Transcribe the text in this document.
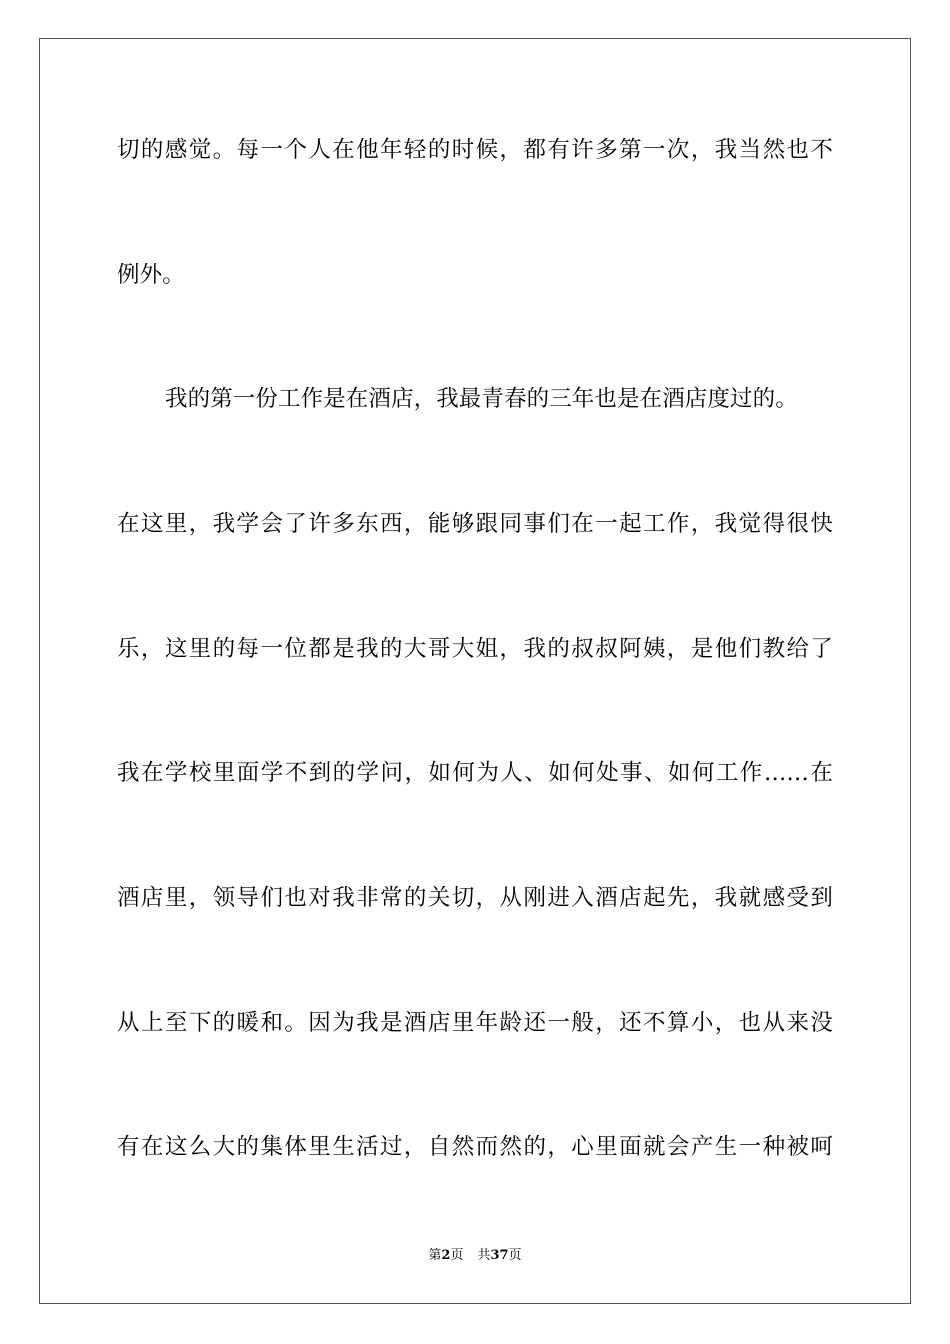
切的感觉。每一个人在他年轻的时候，都有许多第一次，我当然也不
例外。
我的第一份工作是在酒店，我最青春的三年也是在酒店度过的。
在这里，我学会了许多东西，能够跟同事们在一起工作，我觉得很快
乐，这里的每一位都是我的大哥大姐，我的叔叔阿姨，是他们教给了
我在学校里面学不到的学问，如何为人、如何处事、如何工作……在
酒店里，领导们也对我非常的关切，从刚进入酒店起先，我就感受到
从上至下的暖和。因为我是酒店里年龄还一般，还不算小，也从来没
有在这么大的集体里生活过，自然而然的，心里面就会产生一种被呵
第2页 共37页
